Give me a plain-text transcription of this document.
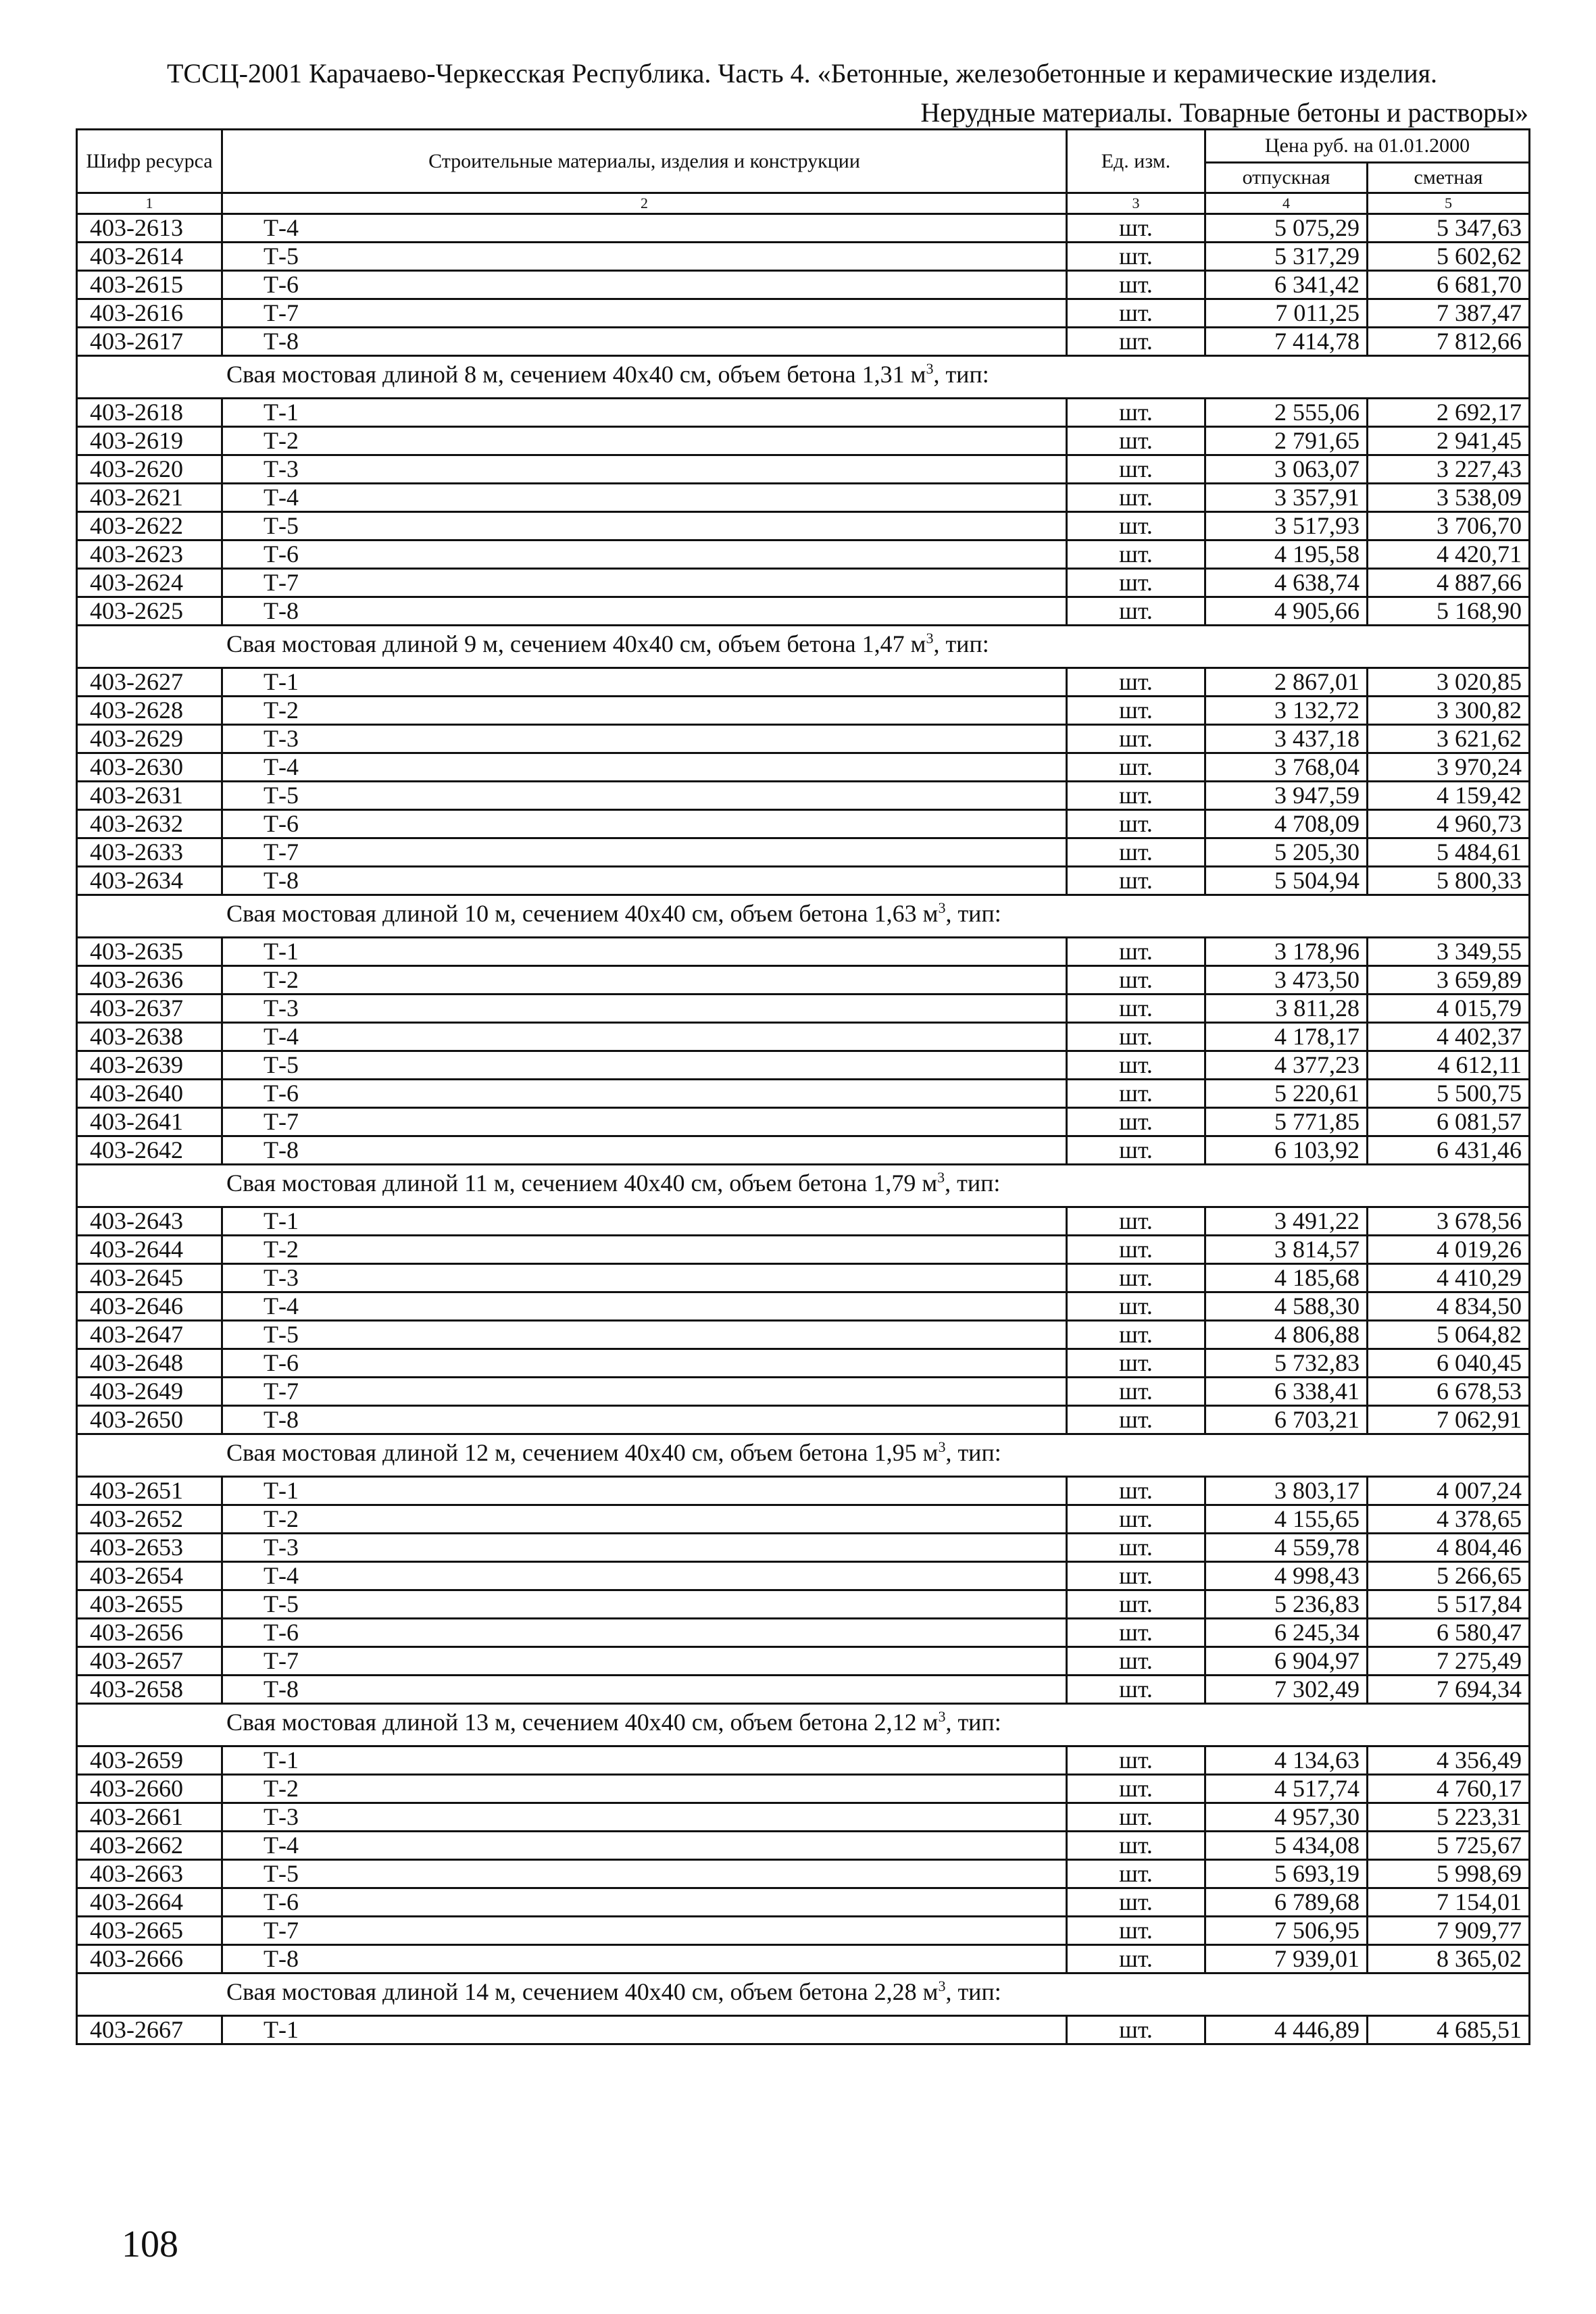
ТССЦ-2001 Карачаево-Черкесская Республика. Часть 4. «Бетонные, железобетонные и керамические изделия.
Нерудные материалы. Товарные бетоны и растворы»
Шифр ресурса	Строительные материалы, изделия и конструкции	Ед. изм.	Цена руб. на 01.01.2000	
			отпускная	сметная
1	2	3	4	5
403-2613	Т-4	шт.	5 075,29	5 347,63
403-2614	Т-5	шт.	5 317,29	5 602,62
403-2615	Т-6	шт.	6 341,42	6 681,70
403-2616	Т-7	шт.	7 011,25	7 387,47
403-2617	Т-8	шт.	7 414,78	7 812,66
Свая мостовая длиной 8 м, сечением 40х40 см, объем бетона 1,31 $м^3$, тип:				
403-2618	Т-1	шт.	2 555,06	2 692,17
403-2619	Т-2	шт.	2 791,65	2 941,45
403-2620	Т-3	шт.	3 063,07	3 227,43
403-2621	Т-4	шт.	3 357,91	3 538,09
403-2622	Т-5	шт.	3 517,93	3 706,70
403-2623	Т-6	шт.	4 195,58	4 420,71
403-2624	Т-7	шт.	4 638,74	4 887,66
403-2625	Т-8	шт.	4 905,66	5 168,90
Свая мостовая длиной 9 м, сечением 40х40 см, объем бетона 1,47 $м^3$, тип:				
403-2627	Т-1	шт.	2 867,01	3 020,85
403-2628	Т-2	шт.	3 132,72	3 300,82
403-2629	Т-3	шт.	3 437,18	3 621,62
403-2630	Т-4	шт.	3 768,04	3 970,24
403-2631	Т-5	шт.	3 947,59	4 159,42
403-2632	Т-6	шт.	4 708,09	4 960,73
403-2633	Т-7	шт.	5 205,30	5 484,61
403-2634	Т-8	шт.	5 504,94	5 800,33
Свая мостовая длиной 10 м, сечением 40х40 см, объем бетона 1,63 $м^3$, тип:				
403-2635	Т-1	шт.	3 178,96	3 349,55
403-2636	Т-2	шт.	3 473,50	3 659,89
403-2637	Т-3	шт.	3 811,28	4 015,79
403-2638	Т-4	шт.	4 178,17	4 402,37
403-2639	Т-5	шт.	4 377,23	4 612,11
403-2640	Т-6	шт.	5 220,61	5 500,75
403-2641	Т-7	шт.	5 771,85	6 081,57
403-2642	Т-8	шт.	6 103,92	6 431,46
Свая мостовая длиной 11 м, сечением 40х40 см, объем бетона 1,79 $м^3$, тип:				
403-2643	Т-1	шт.	3 491,22	3 678,56
403-2644	Т-2	шт.	3 814,57	4 019,26
403-2645	Т-3	шт.	4 185,68	4 410,29
403-2646	Т-4	шт.	4 588,30	4 834,50
403-2647	Т-5	шт.	4 806,88	5 064,82
403-2648	Т-6	шт.	5 732,83	6 040,45
403-2649	Т-7	шт.	6 338,41	6 678,53
403-2650	Т-8	шт.	6 703,21	7 062,91
Свая мостовая длиной 12 м, сечением 40х40 см, объем бетона 1,95 $м^3$, тип:				
403-2651	Т-1	шт.	3 803,17	4 007,24
403-2652	Т-2	шт.	4 155,65	4 378,65
403-2653	Т-3	шт.	4 559,78	4 804,46
403-2654	Т-4	шт.	4 998,43	5 266,65
403-2655	Т-5	шт.	5 236,83	5 517,84
403-2656	Т-6	шт.	6 245,34	6 580,47
403-2657	Т-7	шт.	6 904,97	7 275,49
403-2658	Т-8	шт.	7 302,49	7 694,34
Свая мостовая длиной 13 м, сечением 40х40 см, объем бетона 2,12 $м^3$, тип:				
403-2659	Т-1	шт.	4 134,63	4 356,49
403-2660	Т-2	шт.	4 517,74	4 760,17
403-2661	Т-3	шт.	4 957,30	5 223,31
403-2662	Т-4	шт.	5 434,08	5 725,67
403-2663	Т-5	шт.	5 693,19	5 998,69
403-2664	Т-6	шт.	6 789,68	7 154,01
403-2665	Т-7	шт.	7 506,95	7 909,77
403-2666	Т-8	шт.	7 939,01	8 365,02
Свая мостовая длиной 14 м, сечением 40х40 см, объем бетона 2,28 $м^3$, тип:				
403-2667	Т-1	шт.	4 446,89	4 685,51
108
